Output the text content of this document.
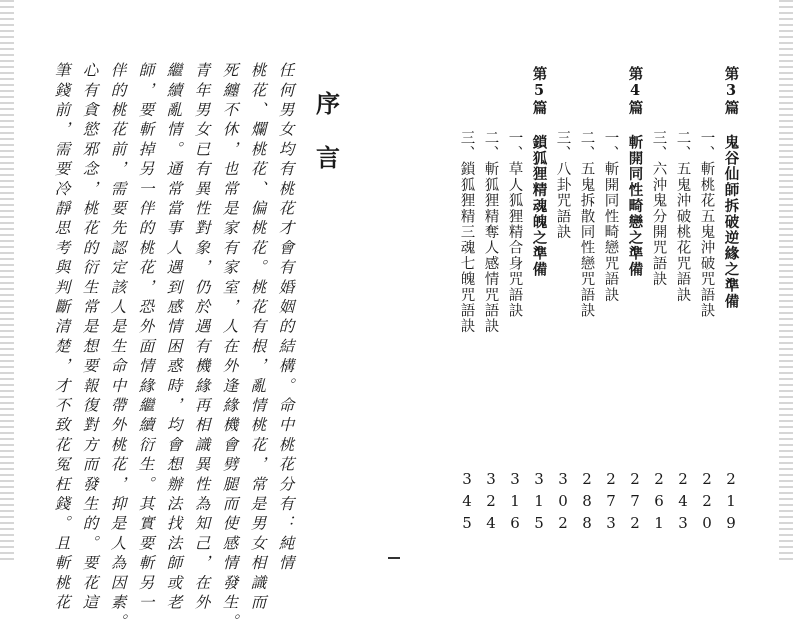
第3篇 鬼谷仙師拆破逆緣之準備
219
一、斬桃花五鬼沖破咒語訣
220
二、五鬼沖破桃花咒語訣
243
三、六沖鬼分開咒語訣
261
第4篇 斬開同性畸戀之準備
272
一、斬開同性畸戀咒語訣
273
二、五鬼拆散同性戀咒語訣
288
三、八卦咒語訣
302
第5篇 鎖狐狸精魂魄之準備
315
一、草人狐狸精合身咒語訣
316
二、斬狐狸精奪人感情咒語訣
324
三、鎖狐狸精三魂七魄咒語訣
345
序
言
任何男女均有桃花才會有婚姻的結構。命中桃花分有：純情
桃花、爛桃花、偏桃花。桃花有根，亂情桃花，常是男女相識而
死纏不休，也常是家有家室，人在外逢緣機會劈腿而使感情發生。
青年男女已有異性對象，仍於遇有機緣再相識異性為知己，在外
繼續亂情。通常當事人遇到感情困惑時，均會想辦法找法師或老
師，要斬掉另一伴的桃花，恐外面情緣繼續衍生。其實要斬另一
伴的桃花前，需要先認定該人是生命中帶外桃花，抑是人為因素。
心有貪慾邪念，桃花的衍生常是想要報復對方而發生的。要花這
筆錢前，需要冷靜思考與判斷清楚，才不致花冤枉錢。且斬桃花
